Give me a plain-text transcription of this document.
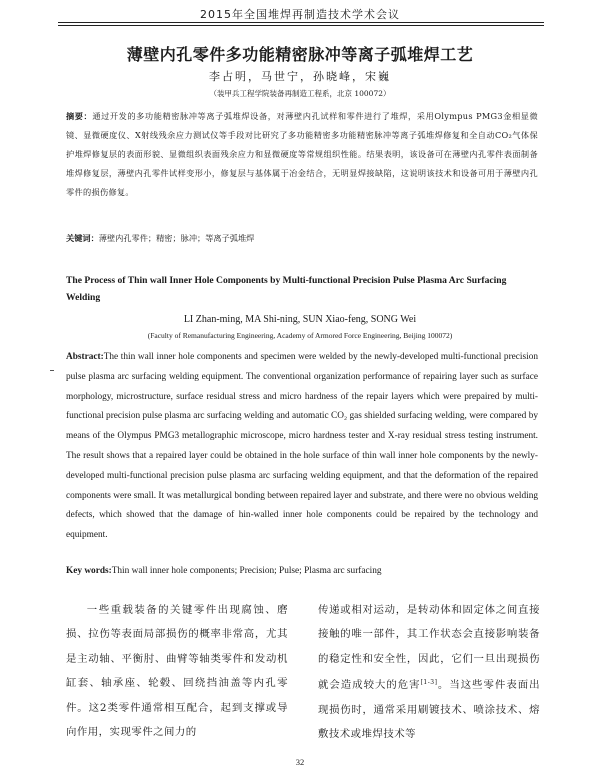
2015年全国堆焊再制造技术学术会议
薄壁内孔零件多功能精密脉冲等离子弧堆焊工艺
李占明，马世宁，孙晓峰，宋巍
（装甲兵工程学院装备再制造工程系，北京 100072）
摘要：通过开发的多功能精密脉冲等离子弧堆焊设备，对薄壁内孔试样和零件进行了堆焊，采用Olympus PMG3金相显微镜、显微硬度仪、X射线残余应力测试仪等手段对比研究了多功能精密多功能精密脉冲等离子弧堆焊修复和全自动CO₂气体保护堆焊修复层的表面形貌、显微组织表面残余应力和显微硬度等常规组织性能。结果表明，该设备可在薄壁内孔零件表面制备堆焊修复层，薄壁内孔零件试样变形小，修复层与基体属于冶金结合，无明显焊接缺陷，这说明该技术和设备可用于薄壁内孔零件的损伤修复。
关键词：薄壁内孔零件；精密；脉冲；等离子弧堆焊
The Process of Thin wall Inner Hole Components by Multi-functional Precision Pulse Plasma Arc Surfacing Welding
LI Zhan-ming, MA Shi-ning, SUN Xiao-feng, SONG Wei
(Faculty of Remanufacturing Engineering, Academy of Armored Force Engineering, Beijing 100072)
Abstract:The thin wall inner hole components and specimen were welded by the newly-developed multi-functional precision pulse plasma arc surfacing welding equipment. The conventional organization performance of repairing layer such as surface morphology, microstructure, surface residual stress and micro hardness of the repair layers which were prepaired by multi-functional precision pulse plasma arc surfacing welding and automatic CO₂ gas shielded surfacing welding, were compared by means of the Olympus PMG3 metallographic microscope, micro hardness tester and X-ray residual stress testing instrument. The result shows that a repaired layer could be obtained in the hole surface of thin wall inner hole components by the newly-developed multi-functional precision pulse plasma arc surfacing welding equipment, and that the deformation of the repaired components were small. It was metallurgical bonding between repaired layer and substrate, and there were no obvious welding defects, which showed that the damage of hin-walled inner hole components could be repaired by the technology and equipment.
Key words:Thin wall inner hole components; Precision; Pulse; Plasma arc surfacing
一些重载装备的关键零件出现腐蚀、磨损、拉伤等表面局部损伤的概率非常高，尤其是主动轴、平衡肘、曲臂等轴类零件和发动机缸套、轴承座、轮毂、回绕挡油盖等内孔零件。这2类零件通常相互配合，起到支撑或导向作用，实现零件之间力的
传递或相对运动，是转动体和固定体之间直接接触的唯一部件，其工作状态会直接影响装备的稳定性和安全性，因此，它们一旦出现损伤就会造成较大的危害[1-3]。当这些零件表面出现损伤时，通常采用刷镀技术、喷涂技术、熔敷技术或堆焊技术等
32
